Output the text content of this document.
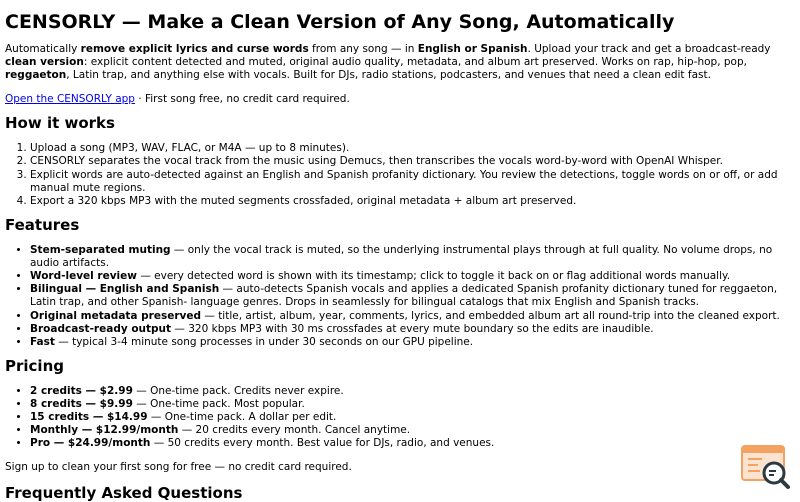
CENSORLY — Make a Clean Version of Any Song, Automatically

Automatically remove explicit lyrics and curse words from any song — in English or Spanish. Upload your track and get a broadcast-ready clean version: explicit content detected and muted, original audio quality, metadata, and album art preserved. Works on rap, hip-hop, pop, reggaeton, Latin trap, and anything else with vocals. Built for DJs, radio stations, podcasters, and venues that need a clean edit fast.

Open the CENSORLY app · First song free, no credit card required.

How it works
1. Upload a song (MP3, WAV, FLAC, or M4A — up to 8 minutes).
2. CENSORLY separates the vocal track from the music using Demucs, then transcribes the vocals word-by-word with OpenAI Whisper.
3. Explicit words are auto-detected against an English and Spanish profanity dictionary. You review the detections, toggle words on or off, or add manual mute regions.
4. Export a 320 kbps MP3 with the muted segments crossfaded, original metadata + album art preserved.
Features
• Stem-separated muting — only the vocal track is muted, so the underlying instrumental plays through at full quality. No volume drops, no audio artifacts.
• Word-level review — every detected word is shown with its timestamp; click to toggle it back on or flag additional words manually.
• Bilingual — English and Spanish — auto-detects Spanish vocals and applies a dedicated Spanish profanity dictionary tuned for reggaeton, Latin trap, and other Spanish- language genres. Drops in seamlessly for bilingual catalogs that mix English and Spanish tracks.
• Original metadata preserved — title, artist, album, year, comments, lyrics, and embedded album art all round-trip into the cleaned export.
• Broadcast-ready output — 320 kbps MP3 with 30 ms crossfades at every mute boundary so the edits are inaudible.
• Fast — typical 3-4 minute song processes in under 30 seconds on our GPU pipeline.
Pricing
• 2 credits — $2.99 — One-time pack. Credits never expire.
• 8 credits — $9.99 — One-time pack. Most popular.
• 15 credits — $14.99 — One-time pack. A dollar per edit.
• Monthly — $12.99/month — 20 credits every month. Cancel anytime.
• Pro — $24.99/month — 50 credits every month. Best value for DJs, radio, and venues.

Sign up to clean your first song for free — no credit card required.

Frequently Asked Questions
